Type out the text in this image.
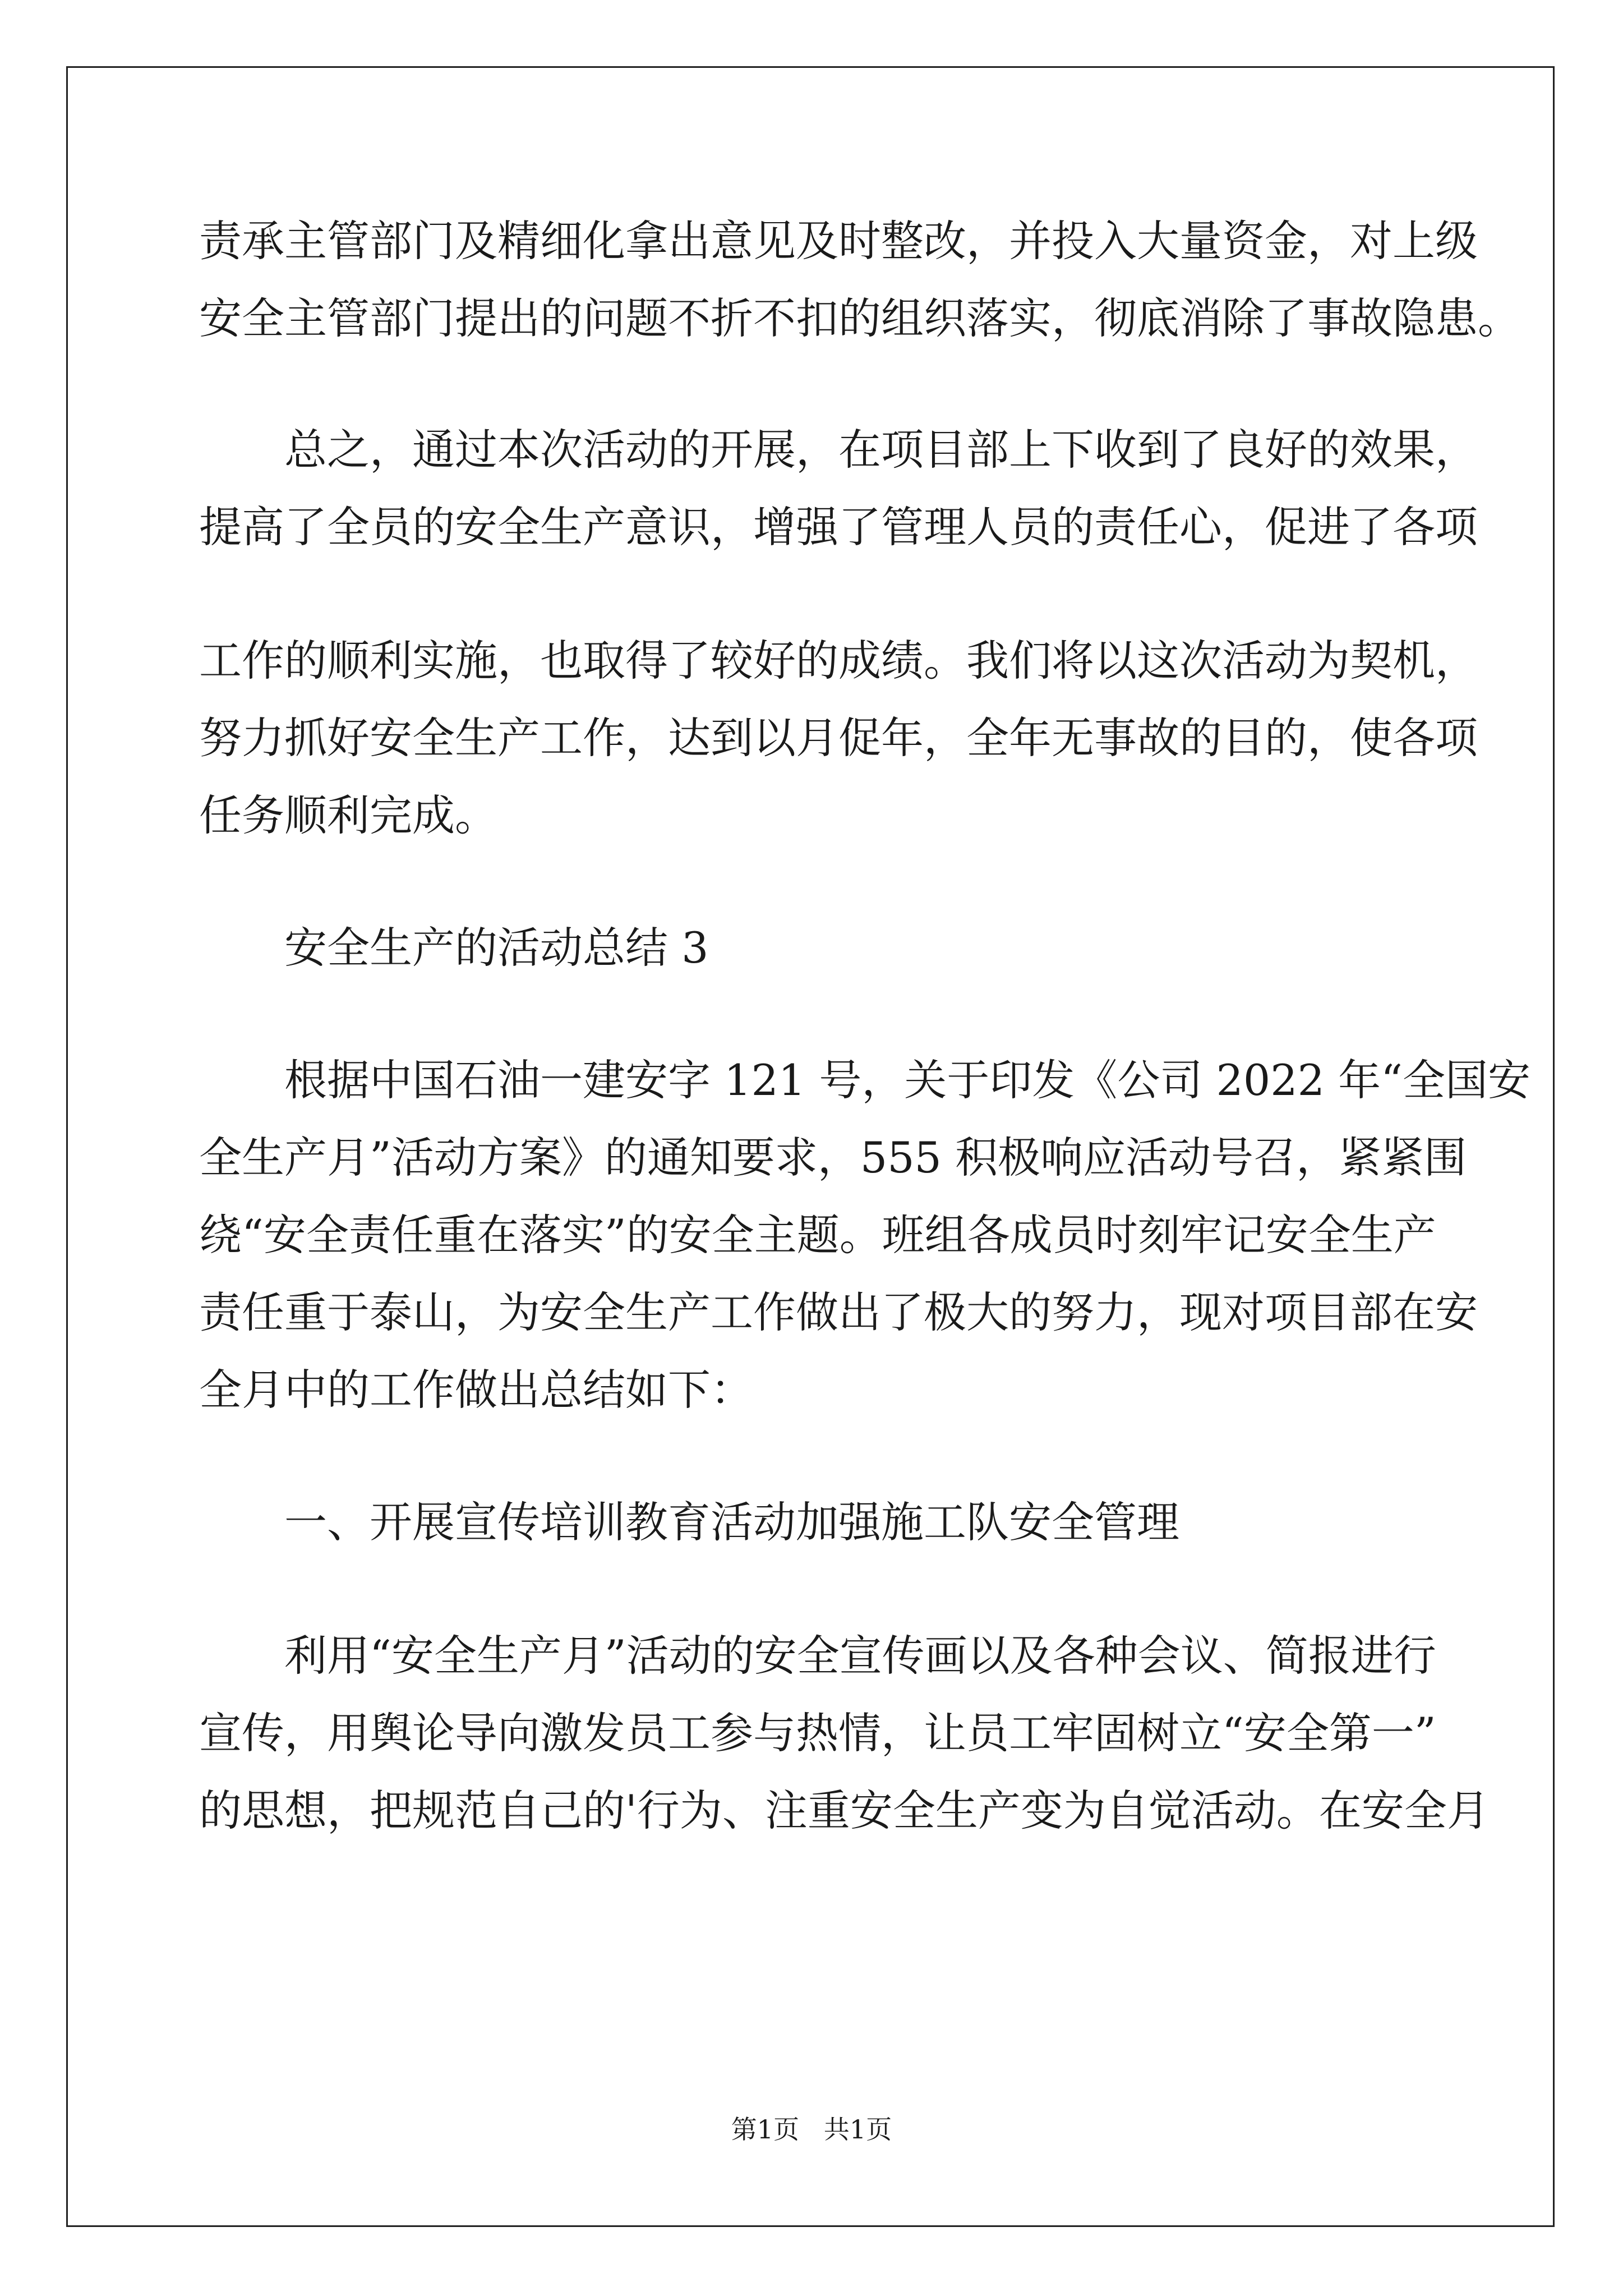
责承主管部门及精细化拿出意见及时整改，并投入大量资金，对上级
安全主管部门提出的问题不折不扣的组织落实，彻底消除了事故隐患。
　　总之，通过本次活动的开展，在项目部上下收到了良好的效果，
提高了全员的安全生产意识，增强了管理人员的责任心，促进了各项
工作的顺利实施，也取得了较好的成绩。我们将以这次活动为契机，
努力抓好安全生产工作，达到以月促年，全年无事故的目的，使各项
任务顺利完成。
　　安全生产的活动总结 3
　　根据中国石油一建安字 121 号，关于印发《公司 2022 年“全国安
全生产月”活动方案》的通知要求，555 积极响应活动号召，紧紧围
绕“安全责任重在落实”的安全主题。班组各成员时刻牢记安全生产
责任重于泰山，为安全生产工作做出了极大的努力，现对项目部在安
全月中的工作做出总结如下：
　　一、开展宣传培训教育活动加强施工队安全管理
　　利用“安全生产月”活动的安全宣传画以及各种会议、简报进行
宣传，用舆论导向激发员工参与热情，让员工牢固树立“安全第一”
的思想，把规范自己的'行为、注重安全生产变为自觉活动。在安全月
第1页   共1页
